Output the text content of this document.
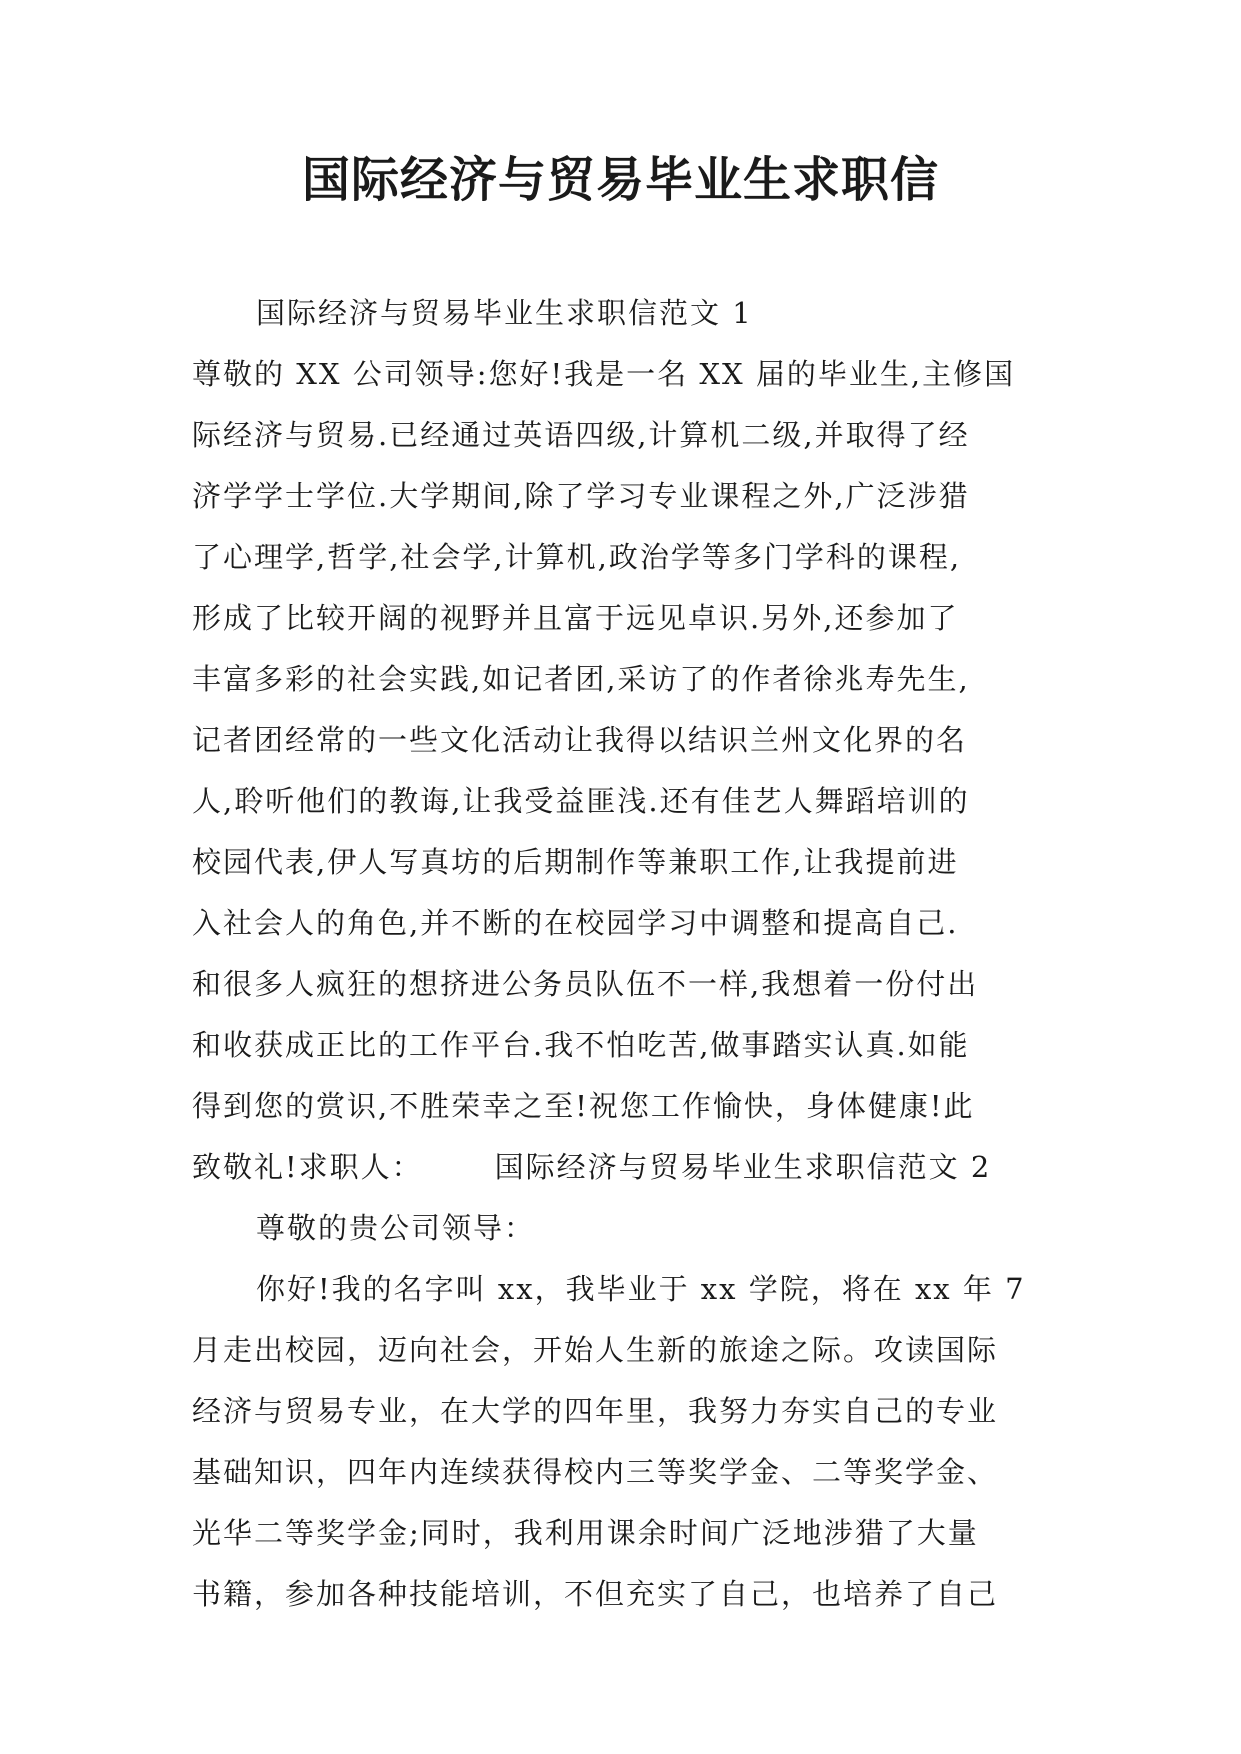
国际经济与贸易毕业生求职信
国际经济与贸易毕业生求职信范文 1
尊敬的 XX 公司领导:您好!我是一名 XX 届的毕业生,主修国
际经济与贸易.已经通过英语四级,计算机二级,并取得了经
济学学士学位.大学期间,除了学习专业课程之外,广泛涉猎
了心理学,哲学,社会学,计算机,政治学等多门学科的课程,
形成了比较开阔的视野并且富于远见卓识.另外,还参加了
丰富多彩的社会实践,如记者团,采访了的作者徐兆寿先生,
记者团经常的一些文化活动让我得以结识兰州文化界的名
人,聆听他们的教诲,让我受益匪浅.还有佳艺人舞蹈培训的
校园代表,伊人写真坊的后期制作等兼职工作,让我提前进
入社会人的角色,并不断的在校园学习中调整和提高自己.
和很多人疯狂的想挤进公务员队伍不一样,我想着一份付出
和收获成正比的工作平台.我不怕吃苦,做事踏实认真.如能
得到您的赏识,不胜荣幸之至!祝您工作愉快，身体健康!此
致敬礼!求职人： 国际经济与贸易毕业生求职信范文 2
尊敬的贵公司领导：
你好!我的名字叫 xx，我毕业于 xx 学院，将在 xx 年 7
月走出校园，迈向社会，开始人生新的旅途之际。攻读国际
经济与贸易专业，在大学的四年里，我努力夯实自己的专业
基础知识，四年内连续获得校内三等奖学金、二等奖学金、
光华二等奖学金;同时，我利用课余时间广泛地涉猎了大量
书籍，参加各种技能培训，不但充实了自己，也培养了自己
